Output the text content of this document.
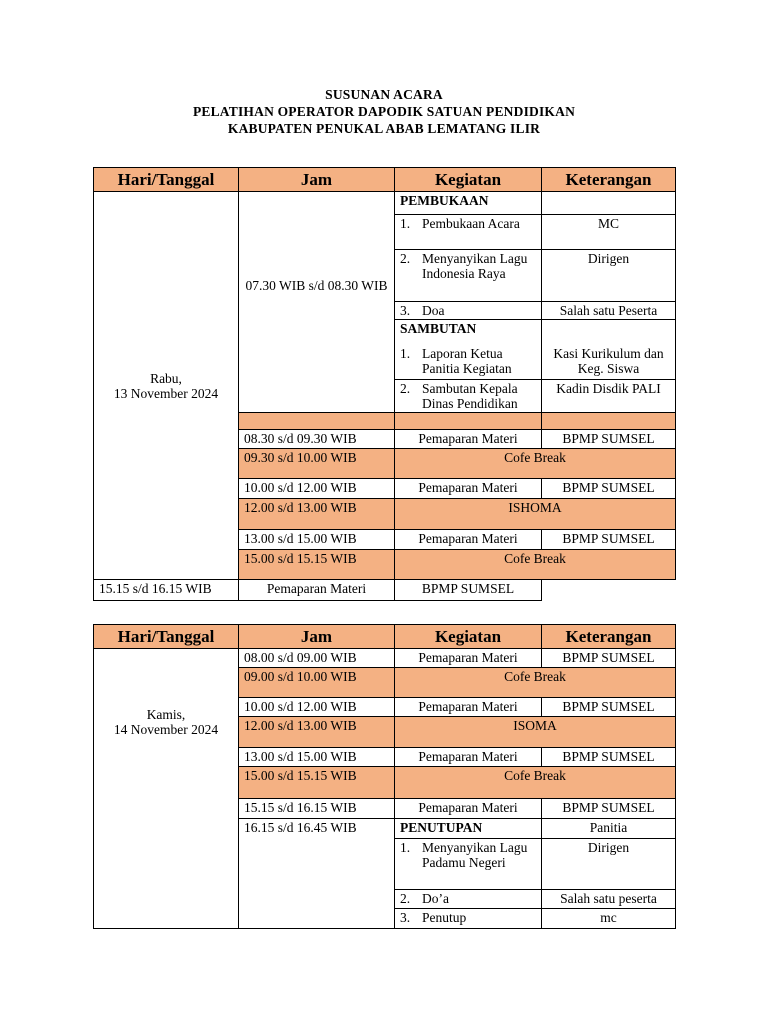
SUSUNAN ACARA
PELATIHAN OPERATOR DAPODIK SATUAN PENDIDIKAN
KABUPATEN PENUKAL ABAB LEMATANG ILIR
Hari/Tanggal	Jam	Kegiatan	Keterangan

Rabu,
13 November 2024	07.30 WIB s/d 08.30 WIB	PEMBUKAAN	

		1. Pembukaan Acara	MC

		2. Menyanyikan Lagu Indonesia Raya	Dirigen

		3. Doa	Salah satu Peserta
		SAMBUTAN	

		1. Laporan Ketua Panitia Kegiatan	Kasi Kurikulum dan Keg. Siswa

		2. Sambutan Kepala Dinas Pendidikan	Kadin Disdik PALI

	08.30 s/d 09.30 WIB	Pemaparan Materi	BPMP SUMSEL
	09.30 s/d 10.00 WIB	Cofe Break	
	10.00 s/d 12.00 WIB	Pemaparan Materi	BPMP SUMSEL
	12.00 s/d 13.00 WIB	ISHOMA	
	13.00 s/d 15.00 WIB	Pemaparan Materi	BPMP SUMSEL
	15.00 s/d 15.15 WIB	Cofe Break	
15.15 s/d 16.15 WIB	Pemaparan Materi	BPMP SUMSEL	
Hari/Tanggal	Jam	Kegiatan	Keterangan

Kamis,
14 November 2024	08.00 s/d 09.00 WIB	Pemaparan Materi	BPMP SUMSEL
	09.00 s/d 10.00 WIB	Cofe Break	
	10.00 s/d 12.00 WIB	Pemaparan Materi	BPMP SUMSEL
	12.00 s/d 13.00 WIB	ISOMA	
	13.00 s/d 15.00 WIB	Pemaparan Materi	BPMP SUMSEL
	15.00 s/d 15.15 WIB	Cofe Break	
	15.15 s/d 16.15 WIB	Pemaparan Materi	BPMP SUMSEL
	16.15 s/d 16.45 WIB	PENUTUPAN	Panitia

		1. Menyanyikan Lagu Padamu Negeri	Dirigen

		2. Do’a	Salah satu peserta

		3. Penutup	mc
